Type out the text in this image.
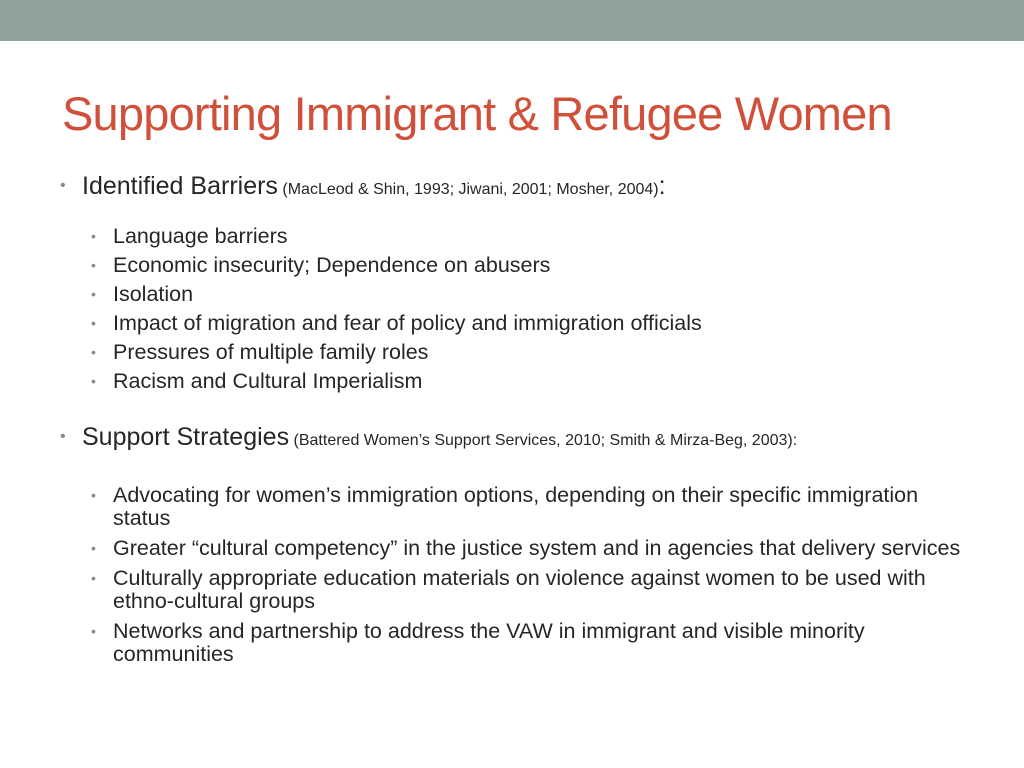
Supporting Immigrant & Refugee Women
• Identified Barriers (MacLeod & Shin, 1993; Jiwani, 2001; Mosher, 2004):
• Language barriers
• Economic insecurity; Dependence on abusers
• Isolation
• Impact of migration and fear of policy and immigration officials
• Pressures of multiple family roles
• Racism and Cultural Imperialism
• Support Strategies (Battered Women’s Support Services, 2010; Smith & Mirza-Beg, 2003):
• Advocating for women’s immigration options, depending on their specific immigration status
• Greater “cultural competency” in the justice system and in agencies that delivery services
• Culturally appropriate education materials on violence against women to be used with ethno-cultural groups
• Networks and partnership to address the VAW in immigrant and visible minority communities
